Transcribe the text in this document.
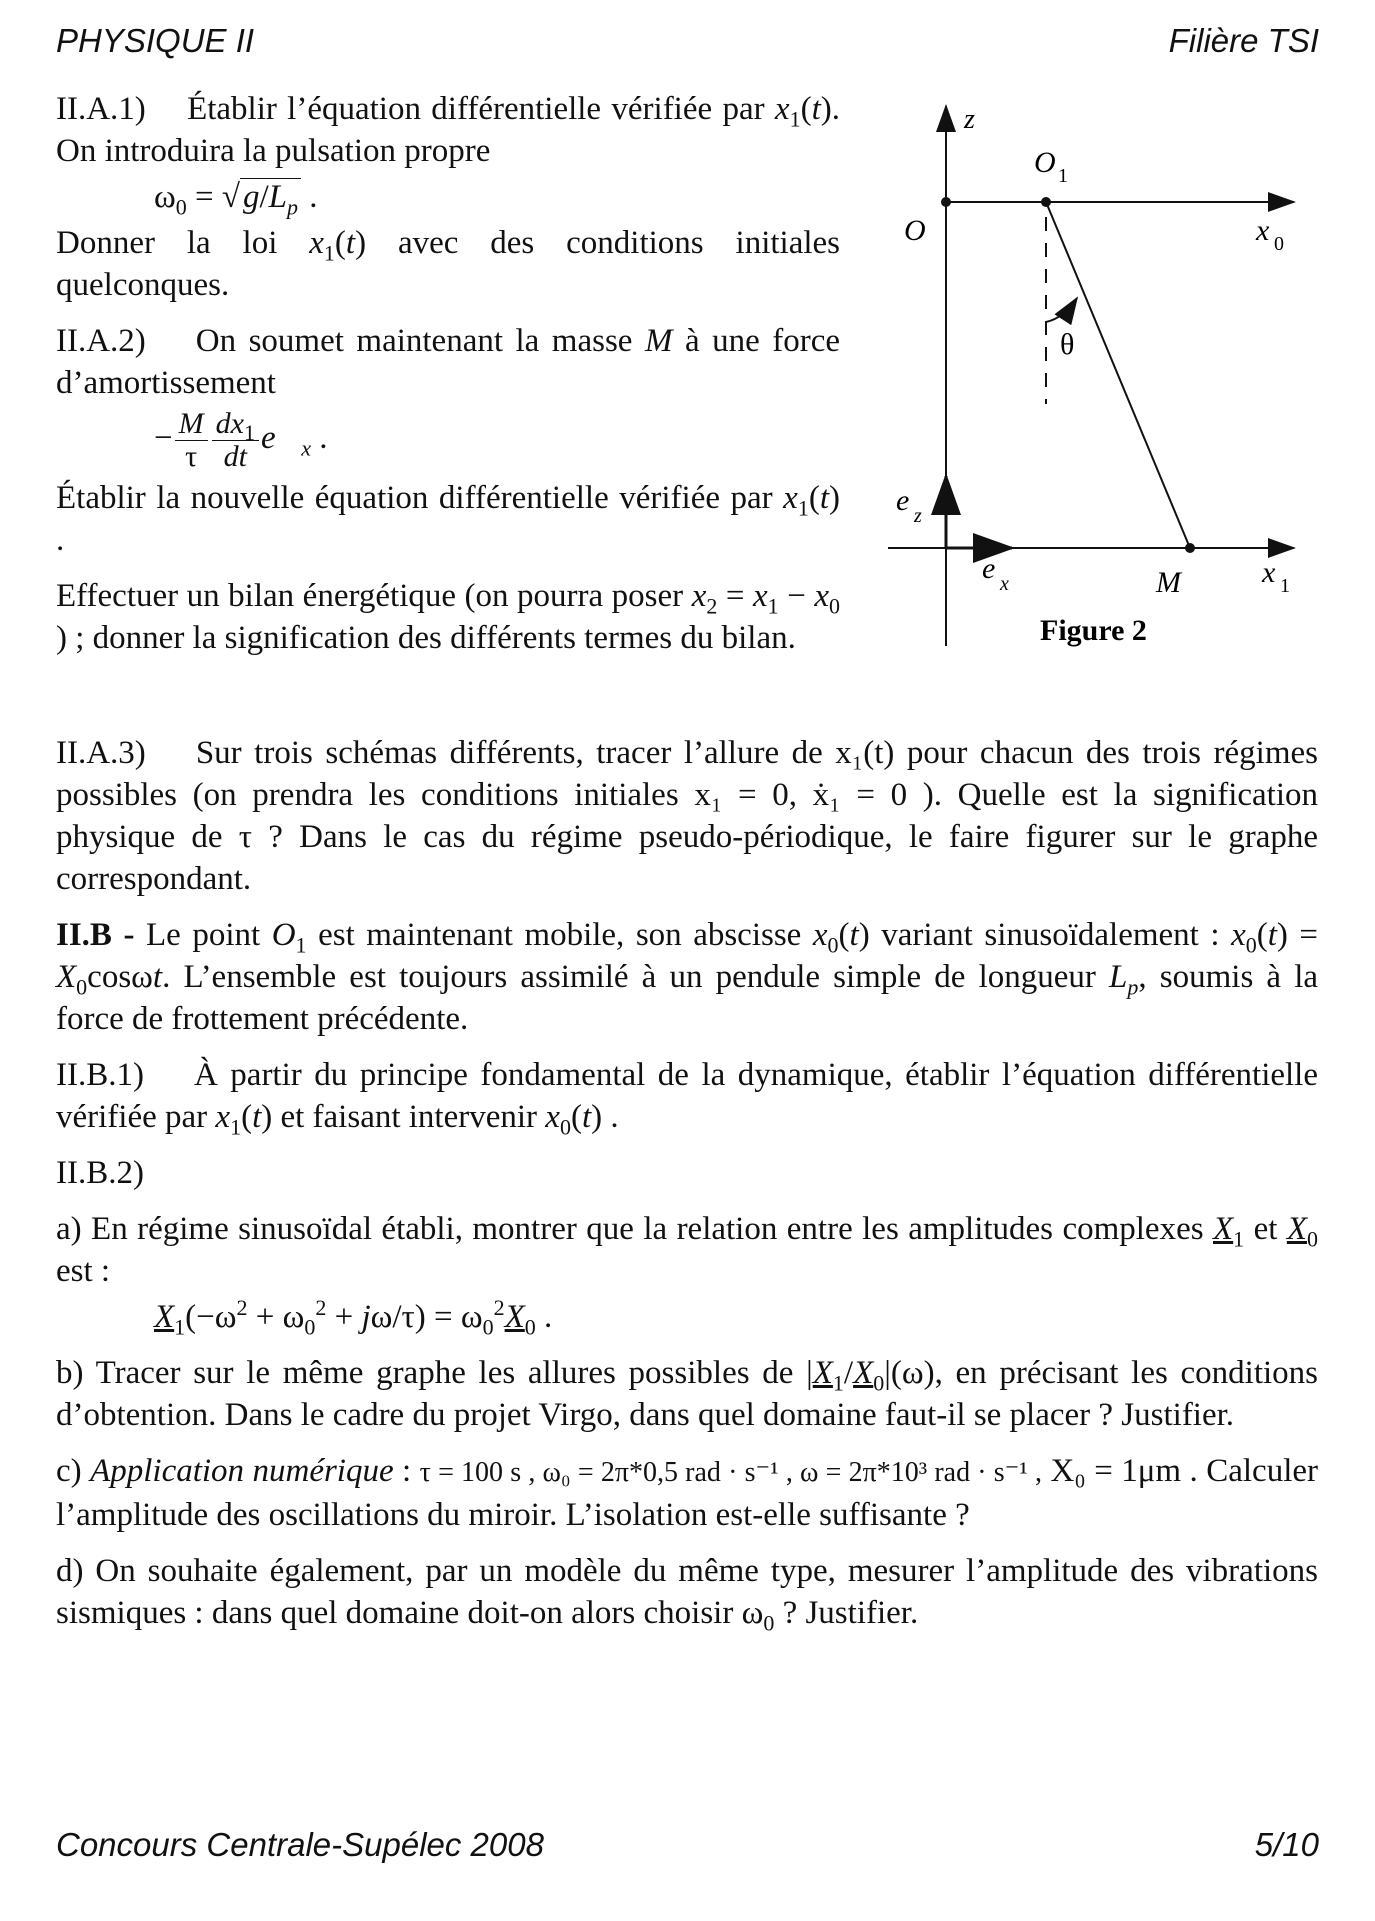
PHYSIQUE II	Filière TSI

II.A.1) Établir l’équation différentielle vérifiée par $x_1(t)$. On introduira la pulsation propre

$\omega_0 = √g/L_p$ .

Donner la loi $x_1(t)$ avec des conditions initiales quelconques.

II.A.2) On soumet maintenant la masse M à une force d’amortissement

− $\frac{M}{\tau} \frac{dx_1}{dt}$ $e⃗_x$ .

Établir la nouvelle équation différentielle vérifiée par $x_1(t)$ .

Effectuer un bilan énergétique (on pourra poser $x_2 = x_1 - x_0$ ) ; donner la signification des différents termes du bilan.

z
O
O 1
x 0
θ
M	x 1
e z
e x
Figure 2

II.A.3) Sur trois schémas différents, tracer l’allure de x₁(t) pour chacun des trois régimes possibles (on prendra les conditions initiales x₁ = 0, ẋ₁ = 0 ). Quelle est la signification physique de τ ? Dans le cas du régime pseudo-périodique, le faire figurer sur le graphe correspondant.

II.B - Le point $O_1$ est maintenant mobile, son abscisse $x_0(t)$ variant sinusoïdalement : $x_0(t) = X_0\cos\omega t$. L’ensemble est toujours assimilé à un pendule simple de longueur $L_p$, soumis à la force de frottement précédente.

II.B.1) À partir du principe fondamental de la dynamique, établir l’équation différentielle vérifiée par $x_1(t)$ et faisant intervenir $x_0(t)$ .

II.B.2)

a) En régime sinusoïdal établi, montrer que la relation entre les amplitudes complexes $X_1$ et $X_0$ est :

$X_1(-\omega^2 + \omega_0^2 + j\omega/\tau) = \omega_0^2X_0$ .

b) Tracer sur le même graphe les allures possibles de $|X_1/X_0|(\omega)$, en précisant les conditions d’obtention. Dans le cadre du projet Virgo, dans quel domaine faut-il se placer ? Justifier.

c) Application numérique : τ = 100 s , ω₀ = 2π*0,5 rad · s⁻¹ , ω = 2π*10³ rad · s⁻¹ , X₀ = 1μm . Calculer l’amplitude des oscillations du miroir. L’isolation est-elle suffisante ?

d) On souhaite également, par un modèle du même type, mesurer l’amplitude des vibrations sismiques : dans quel domaine doit-on alors choisir $\omega_0$ ? Justifier.

Concours Centrale-Supélec 2008	5/10
